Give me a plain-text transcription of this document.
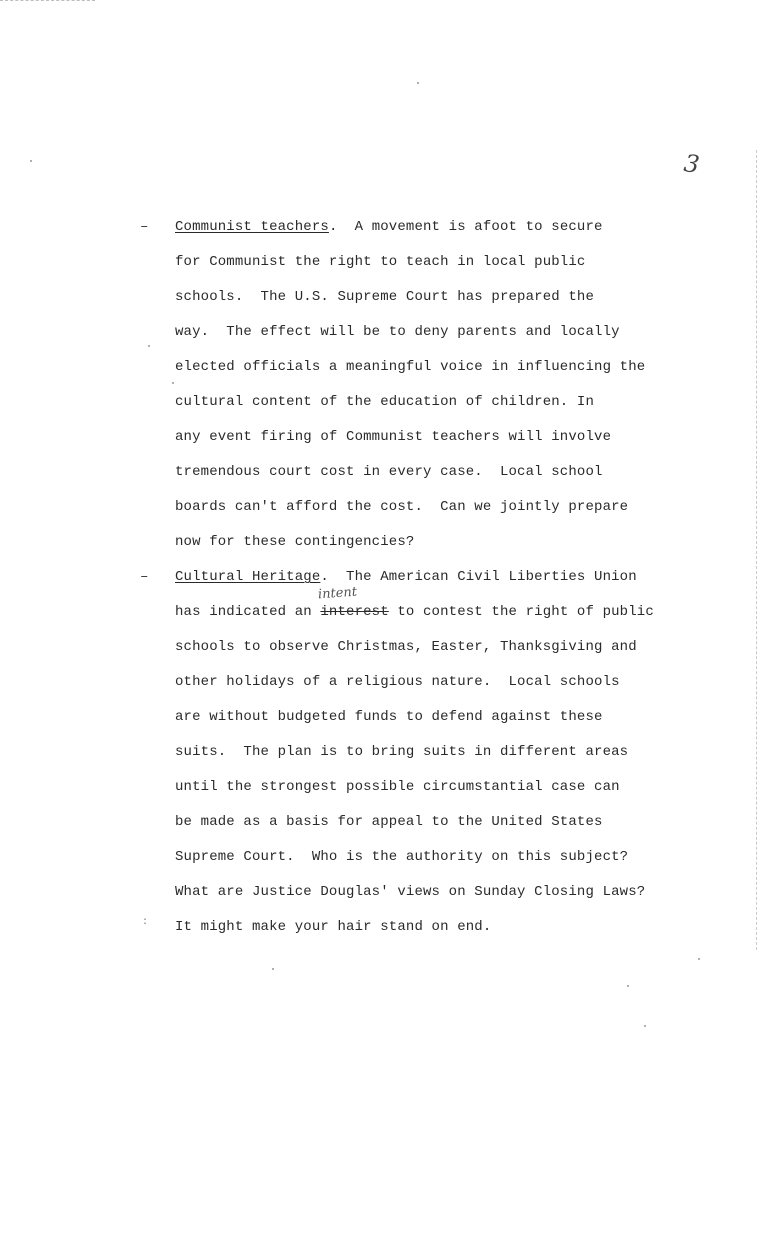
3
– Communist teachers.  A movement is afoot to secure
for Communist the right to teach in local public
schools.  The U.S. Supreme Court has prepared the
way.  The effect will be to deny parents and locally
elected officials a meaningful voice in influencing the
cultural content of the education of children. In
any event firing of Communist teachers will involve
tremendous court cost in every case.  Local school
boards can't afford the cost.  Can we jointly prepare
now for these contingencies?
– Cultural Heritage.  The American Civil Liberties Union
intent
has indicated an interest to contest the right of public
schools to observe Christmas, Easter, Thanksgiving and
other holidays of a religious nature.  Local schools
are without budgeted funds to defend against these
suits.  The plan is to bring suits in different areas
until the strongest possible circumstantial case can
be made as a basis for appeal to the United States
Supreme Court.  Who is the authority on this subject?
What are Justice Douglas' views on Sunday Closing Laws?
It might make your hair stand on end.
:
